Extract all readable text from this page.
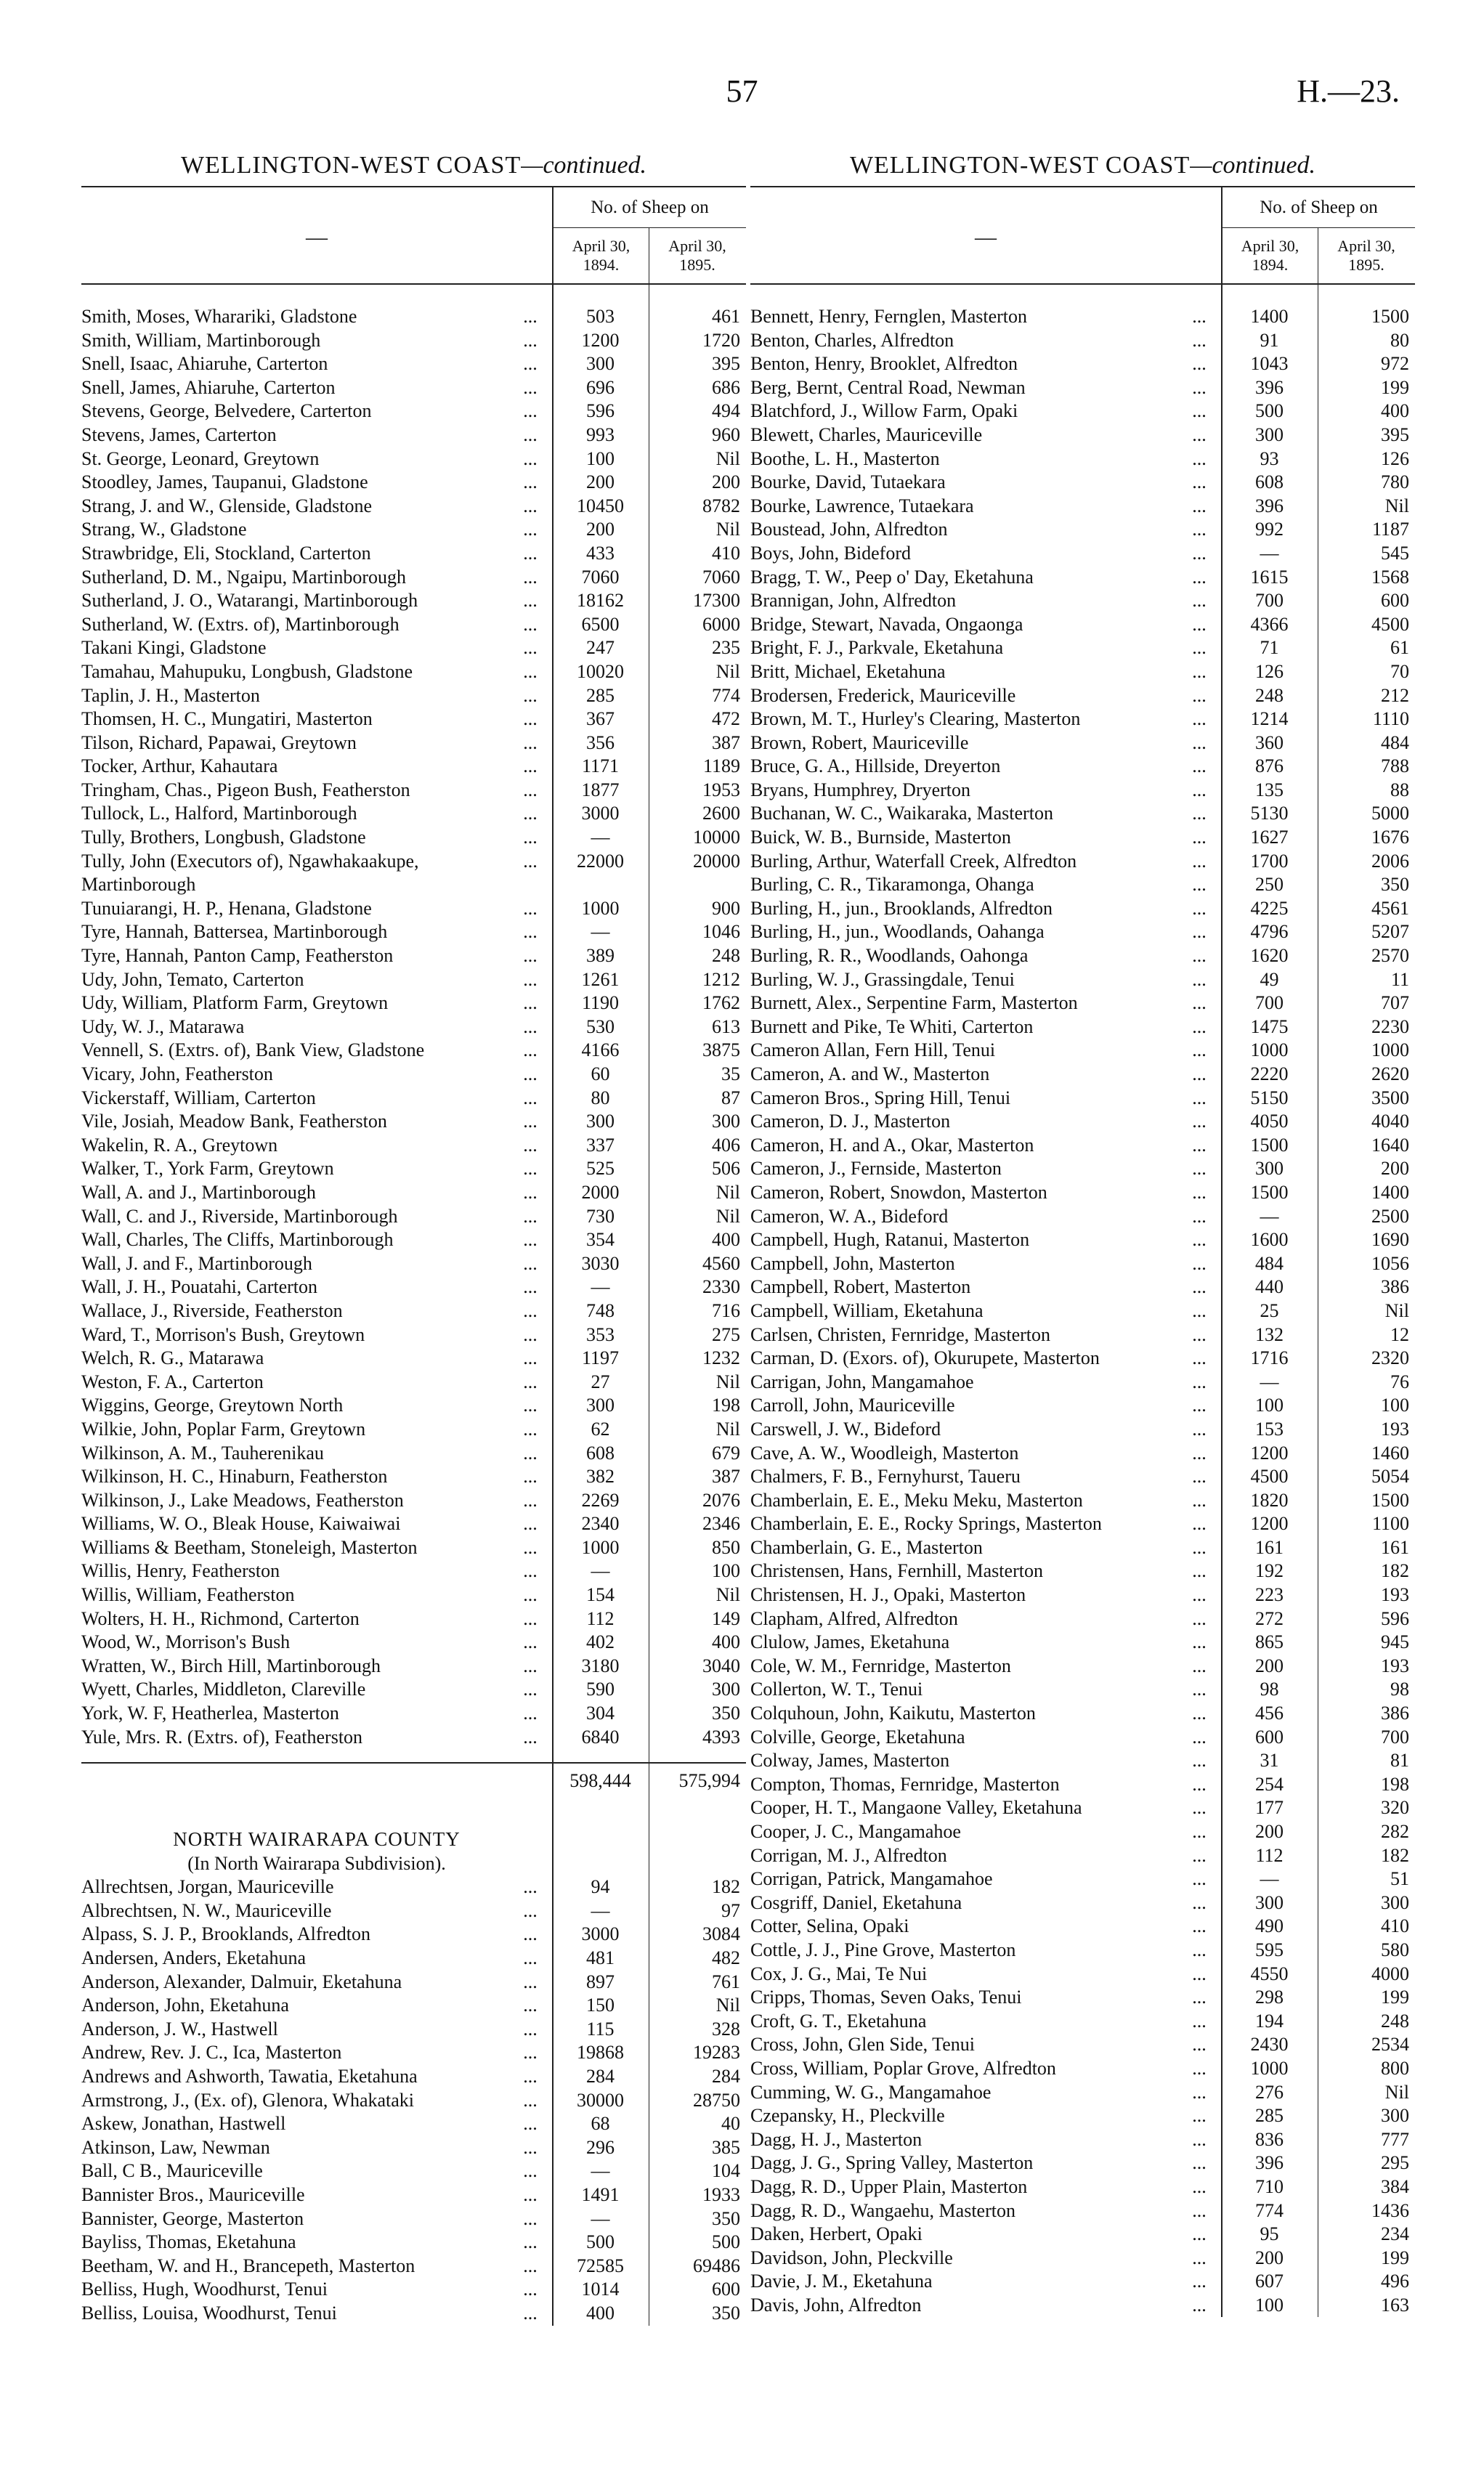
57	H.—23.
WELLINGTON-WEST COAST—continued.
—
No. of Sheep on
April 30, 1894.
April 30, 1895.
Smith, Moses, Wharariki, Gladstone	...	503	461
Smith, William, Martinborough	...	1200	1720
Snell, Isaac, Ahiaruhe, Carterton	...	300	395
Snell, James, Ahiaruhe, Carterton	...	696	686
Stevens, George, Belvedere, Carterton	...	596	494
Stevens, James, Carterton	...	993	960
St. George, Leonard, Greytown	...	100	Nil
Stoodley, James, Taupanui, Gladstone	...	200	200
Strang, J. and W., Glenside, Gladstone	...	10450	8782
Strang, W., Gladstone	...	200	Nil
Strawbridge, Eli, Stockland, Carterton	...	433	410
Sutherland, D. M., Ngaipu, Martinborough	...	7060	7060
Sutherland, J. O., Watarangi, Martinborough	...	18162	17300
Sutherland, W. (Extrs. of), Martinborough	...	6500	6000
Takani Kingi, Gladstone	...	247	235
Tamahau, Mahupuku, Longbush, Gladstone	...	10020	Nil
Taplin, J. H., Masterton	...	285	774
Thomsen, H. C., Mungatiri, Masterton	...	367	472
Tilson, Richard, Papawai, Greytown	...	356	387
Tocker, Arthur, Kahautara	...	1171	1189
Tringham, Chas., Pigeon Bush, Featherston	...	1877	1953
Tullock, L., Halford, Martinborough	...	3000	2600
Tully, Brothers, Longbush, Gladstone	...	—	10000
Tully, John (Executors of), Ngawhakaakupe, Martinborough
...	22000	20000
Tunuiarangi, H. P., Henana, Gladstone	...	1000	900
Tyre, Hannah, Battersea, Martinborough	...	—	1046
Tyre, Hannah, Panton Camp, Featherston	...	389	248
Udy, John, Temato, Carterton	...	1261	1212
Udy, William, Platform Farm, Greytown	...	1190	1762
Udy, W. J., Matarawa	...	530	613
Vennell, S. (Extrs. of), Bank View, Gladstone	...	4166	3875
Vicary, John, Featherston	...	60	35
Vickerstaff, William, Carterton	...	80	87
Vile, Josiah, Meadow Bank, Featherston	...	300	300
Wakelin, R. A., Greytown	...	337	406
Walker, T., York Farm, Greytown	...	525	506
Wall, A. and J., Martinborough	...	2000	Nil
Wall, C. and J., Riverside, Martinborough	...	730	Nil
Wall, Charles, The Cliffs, Martinborough	...	354	400
Wall, J. and F., Martinborough	...	3030	4560
Wall, J. H., Pouatahi, Carterton	...	—	2330
Wallace, J., Riverside, Featherston	...	748	716
Ward, T., Morrison's Bush, Greytown	...	353	275
Welch, R. G., Matarawa	...	1197	1232
Weston, F. A., Carterton	...	27	Nil
Wiggins, George, Greytown North	...	300	198
Wilkie, John, Poplar Farm, Greytown	...	62	Nil
Wilkinson, A. M., Tauherenikau	...	608	679
Wilkinson, H. C., Hinaburn, Featherston	...	382	387
Wilkinson, J., Lake Meadows, Featherston	...	2269	2076
Williams, W. O., Bleak House, Kaiwaiwai	...	2340	2346
Williams & Beetham, Stoneleigh, Masterton	...	1000	850
Willis, Henry, Featherston	...	—	100
Willis, William, Featherston	...	154	Nil
Wolters, H. H., Richmond, Carterton	...	112	149
Wood, W., Morrison's Bush	...	402	400
Wratten, W., Birch Hill, Martinborough	...	3180	3040
Wyett, Charles, Middleton, Clareville	...	590	300
York, W. F, Heatherlea, Masterton	...	304	350
Yule, Mrs. R. (Extrs. of), Featherston	...	6840	4393
598,444	575,994
NORTH WAIRARAPA COUNTY
(In North Wairarapa Subdivision).
Allrechtsen, Jorgan, Mauriceville	...	94	182
Albrechtsen, N. W., Mauriceville	...	—	97
Alpass, S. J. P., Brooklands, Alfredton	...	3000	3084
Andersen, Anders, Eketahuna	...	481	482
Anderson, Alexander, Dalmuir, Eketahuna	...	897	761
Anderson, John, Eketahuna	...	150	Nil
Anderson, J. W., Hastwell	...	115	328
Andrew, Rev. J. C., Ica, Masterton	...	19868	19283
Andrews and Ashworth, Tawatia, Eketahuna	...	284	284
Armstrong, J., (Ex. of), Glenora, Whakataki	...	30000	28750
Askew, Jonathan, Hastwell	...	68	40
Atkinson, Law, Newman	...	296	385
Ball, C B., Mauriceville	...	—	104
Bannister Bros., Mauriceville	...	1491	1933
Bannister, George, Masterton	...	—	350
Bayliss, Thomas, Eketahuna	...	500	500
Beetham, W. and H., Brancepeth, Masterton	...	72585	69486
Belliss, Hugh, Woodhurst, Tenui	...	1014	600
Belliss, Louisa, Woodhurst, Tenui	...	400	350
WELLINGTON-WEST COAST—continued.
—
No. of Sheep on
April 30, 1894.
April 30, 1895.
Bennett, Henry, Fernglen, Masterton	...	1400	1500
Benton, Charles, Alfredton	...	91	80
Benton, Henry, Brooklet, Alfredton	...	1043	972
Berg, Bernt, Central Road, Newman	...	396	199
Blatchford, J., Willow Farm, Opaki	...	500	400
Blewett, Charles, Mauriceville	...	300	395
Boothe, L. H., Masterton	...	93	126
Bourke, David, Tutaekara	...	608	780
Bourke, Lawrence, Tutaekara	...	396	Nil
Boustead, John, Alfredton	...	992	1187
Boys, John, Bideford	...	—	545
Bragg, T. W., Peep o' Day, Eketahuna	...	1615	1568
Brannigan, John, Alfredton	...	700	600
Bridge, Stewart, Navada, Ongaonga	...	4366	4500
Bright, F. J., Parkvale, Eketahuna	...	71	61
Britt, Michael, Eketahuna	...	126	70
Brodersen, Frederick, Mauriceville	...	248	212
Brown, M. T., Hurley's Clearing, Masterton	...	1214	1110
Brown, Robert, Mauriceville	...	360	484
Bruce, G. A., Hillside, Dreyerton	...	876	788
Bryans, Humphrey, Dryerton	...	135	88
Buchanan, W. C., Waikaraka, Masterton	...	5130	5000
Buick, W. B., Burnside, Masterton	...	1627	1676
Burling, Arthur, Waterfall Creek, Alfredton	...	1700	2006
Burling, C. R., Tikaramonga, Ohanga	...	250	350
Burling, H., jun., Brooklands, Alfredton	...	4225	4561
Burling, H., jun., Woodlands, Oahanga	...	4796	5207
Burling, R. R., Woodlands, Oahonga	...	1620	2570
Burling, W. J., Grassingdale, Tenui	...	49	11
Burnett, Alex., Serpentine Farm, Masterton	...	700	707
Burnett and Pike, Te Whiti, Carterton	...	1475	2230
Cameron Allan, Fern Hill, Tenui	...	1000	1000
Cameron, A. and W., Masterton	...	2220	2620
Cameron Bros., Spring Hill, Tenui	...	5150	3500
Cameron, D. J., Masterton	...	4050	4040
Cameron, H. and A., Okar, Masterton	...	1500	1640
Cameron, J., Fernside, Masterton	...	300	200
Cameron, Robert, Snowdon, Masterton	...	1500	1400
Cameron, W. A., Bideford	...	—	2500
Campbell, Hugh, Ratanui, Masterton	...	1600	1690
Campbell, John, Masterton	...	484	1056
Campbell, Robert, Masterton	...	440	386
Campbell, William, Eketahuna	...	25	Nil
Carlsen, Christen, Fernridge, Masterton	...	132	12
Carman, D. (Exors. of), Okurupete, Masterton	...	1716	2320
Carrigan, John, Mangamahoe	...	—	76
Carroll, John, Mauriceville	...	100	100
Carswell, J. W., Bideford	...	153	193
Cave, A. W., Woodleigh, Masterton	...	1200	1460
Chalmers, F. B., Fernyhurst, Taueru	...	4500	5054
Chamberlain, E. E., Meku Meku, Masterton	...	1820	1500
Chamberlain, E. E., Rocky Springs, Masterton	...	1200	1100
Chamberlain, G. E., Masterton	...	161	161
Christensen, Hans, Fernhill, Masterton	...	192	182
Christensen, H. J., Opaki, Masterton	...	223	193
Clapham, Alfred, Alfredton	...	272	596
Clulow, James, Eketahuna	...	865	945
Cole, W. M., Fernridge, Masterton	...	200	193
Collerton, W. T., Tenui	...	98	98
Colquhoun, John, Kaikutu, Masterton	...	456	386
Colville, George, Eketahuna	...	600	700
Colway, James, Masterton	...	31	81
Compton, Thomas, Fernridge, Masterton	...	254	198
Cooper, H. T., Mangaone Valley, Eketahuna	...	177	320
Cooper, J. C., Mangamahoe	...	200	282
Corrigan, M. J., Alfredton	...	112	182
Corrigan, Patrick, Mangamahoe	...	—	51
Cosgriff, Daniel, Eketahuna	...	300	300
Cotter, Selina, Opaki	...	490	410
Cottle, J. J., Pine Grove, Masterton	...	595	580
Cox, J. G., Mai, Te Nui	...	4550	4000
Cripps, Thomas, Seven Oaks, Tenui	...	298	199
Croft, G. T., Eketahuna	...	194	248
Cross, John, Glen Side, Tenui	...	2430	2534
Cross, William, Poplar Grove, Alfredton	...	1000	800
Cumming, W. G., Mangamahoe	...	276	Nil
Czepansky, H., Pleckville	...	285	300
Dagg, H. J., Masterton	...	836	777
Dagg, J. G., Spring Valley, Masterton	...	396	295
Dagg, R. D., Upper Plain, Masterton	...	710	384
Dagg, R. D., Wangaehu, Masterton	...	774	1436
Daken, Herbert, Opaki	...	95	234
Davidson, John, Pleckville	...	200	199
Davie, J. M., Eketahuna	...	607	496
Davis, John, Alfredton	...	100	163
